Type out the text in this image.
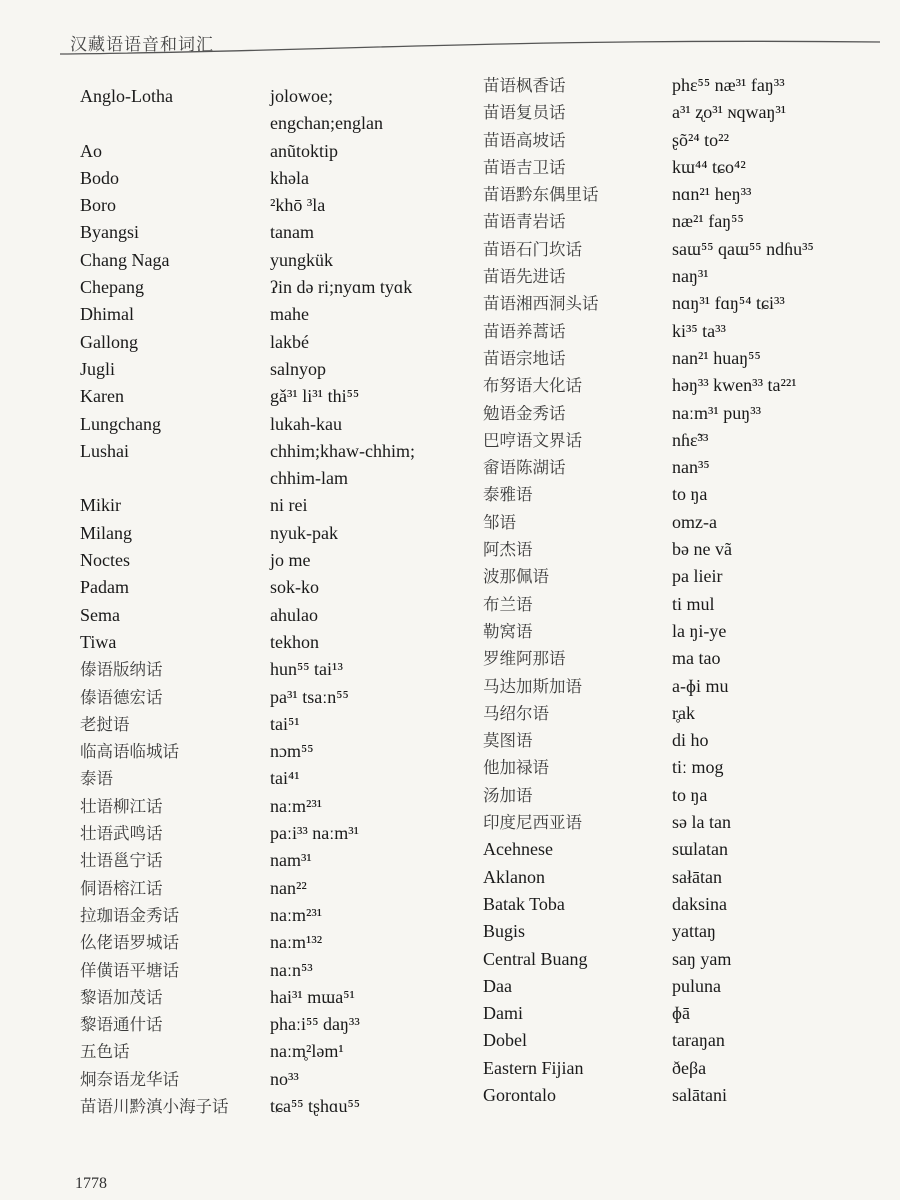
汉藏语语音和词汇
Anglo-Lotha
Ao
Bodo
Boro
Byangsi
Chang Naga
Chepang
Dhimal
Gallong
Jugli
Karen
Lungchang
Lushai
Mikir
Milang
Noctes
Padam
Sema
Tiwa
傣语版纳话
傣语德宏话
老挝语
临高语临城话
泰语
壮语柳江话
壮语武鸣话
壮语邕宁话
侗语榕江话
拉珈语金秀话
仫佬语罗城话
佯僙语平塘话
黎语加茂话
黎语通什话
五色话
炯奈语龙华话
苗语川黔滇小海子话
jolowoe;
engchan;englan
anũtoktip
khəla
²khō ³la
tanam
yungkük
ʔin də ri;nyɑm tyɑk
mahe
lakbé
salnyop
gǎ³¹ li³¹ thi⁵⁵
lukah-kau
chhim;khaw-chhim;
chhim-lam
ni rei
nyuk-pak
jo me
sok-ko
ahulao
tekhon
hun⁵⁵ tai¹³
pa³¹ tsaːn⁵⁵
tai⁵¹
nɔm⁵⁵
tai⁴¹
naːm²³¹
paːi³³ naːm³¹
nam³¹
nan²²
naːm²³¹
naːm¹³²
naːn⁵³
hai³¹ mɯa⁵¹
phaːi⁵⁵ daŋ³³
naːm̥²ləm¹
no³³
tɕa⁵⁵ tʂhɑu⁵⁵
苗语枫香话
苗语复员话
苗语高坡话
苗语吉卫话
苗语黔东偶里话
苗语青岩话
苗语石门坎话
苗语先进话
苗语湘西洞头话
苗语养蒿话
苗语宗地话
布努语大化话
勉语金秀话
巴哼语文界话
畲语陈湖话
泰雅语
邹语
阿杰语
波那佩语
布兰语
勒窝语
罗维阿那语
马达加斯加语
马绍尔语
莫图语
他加禄语
汤加语
印度尼西亚语
Acehnese
Aklanon
Batak Toba
Bugis
Central Buang
Daa
Dami
Dobel
Eastern Fijian
Gorontalo
phɛ⁵⁵ næ³¹ faŋ³³
a³¹ ʐo³¹ ɴqwaŋ³¹
ʂõ²⁴ to²²
kɯ⁴⁴ tɕo⁴²
nɑn²¹ heŋ³³
næ²¹ faŋ⁵⁵
saɯ⁵⁵ qaɯ⁵⁵ ndɦu³⁵
naŋ³¹
nɑŋ³¹ fɑŋ⁵⁴ tɕi³³
ki³⁵ ta³³
nan²¹ huaŋ⁵⁵
həŋ³³ kwen³³ ta²²¹
naːm³¹ puŋ³³
nɦɛ̃³³
nan³⁵
to ŋa
omz-a
bə ne vã
pa lieir
ti mul
la ŋi-ye
ma tao
a-ɸi mu
r̥ak
di ho
tiː mog
to ŋa
sə la tan
sɯlatan
sałātan
daksina
yattaŋ
saŋ yam
puluna
ɸā
taraŋan
ðeβa
salātani
1778
